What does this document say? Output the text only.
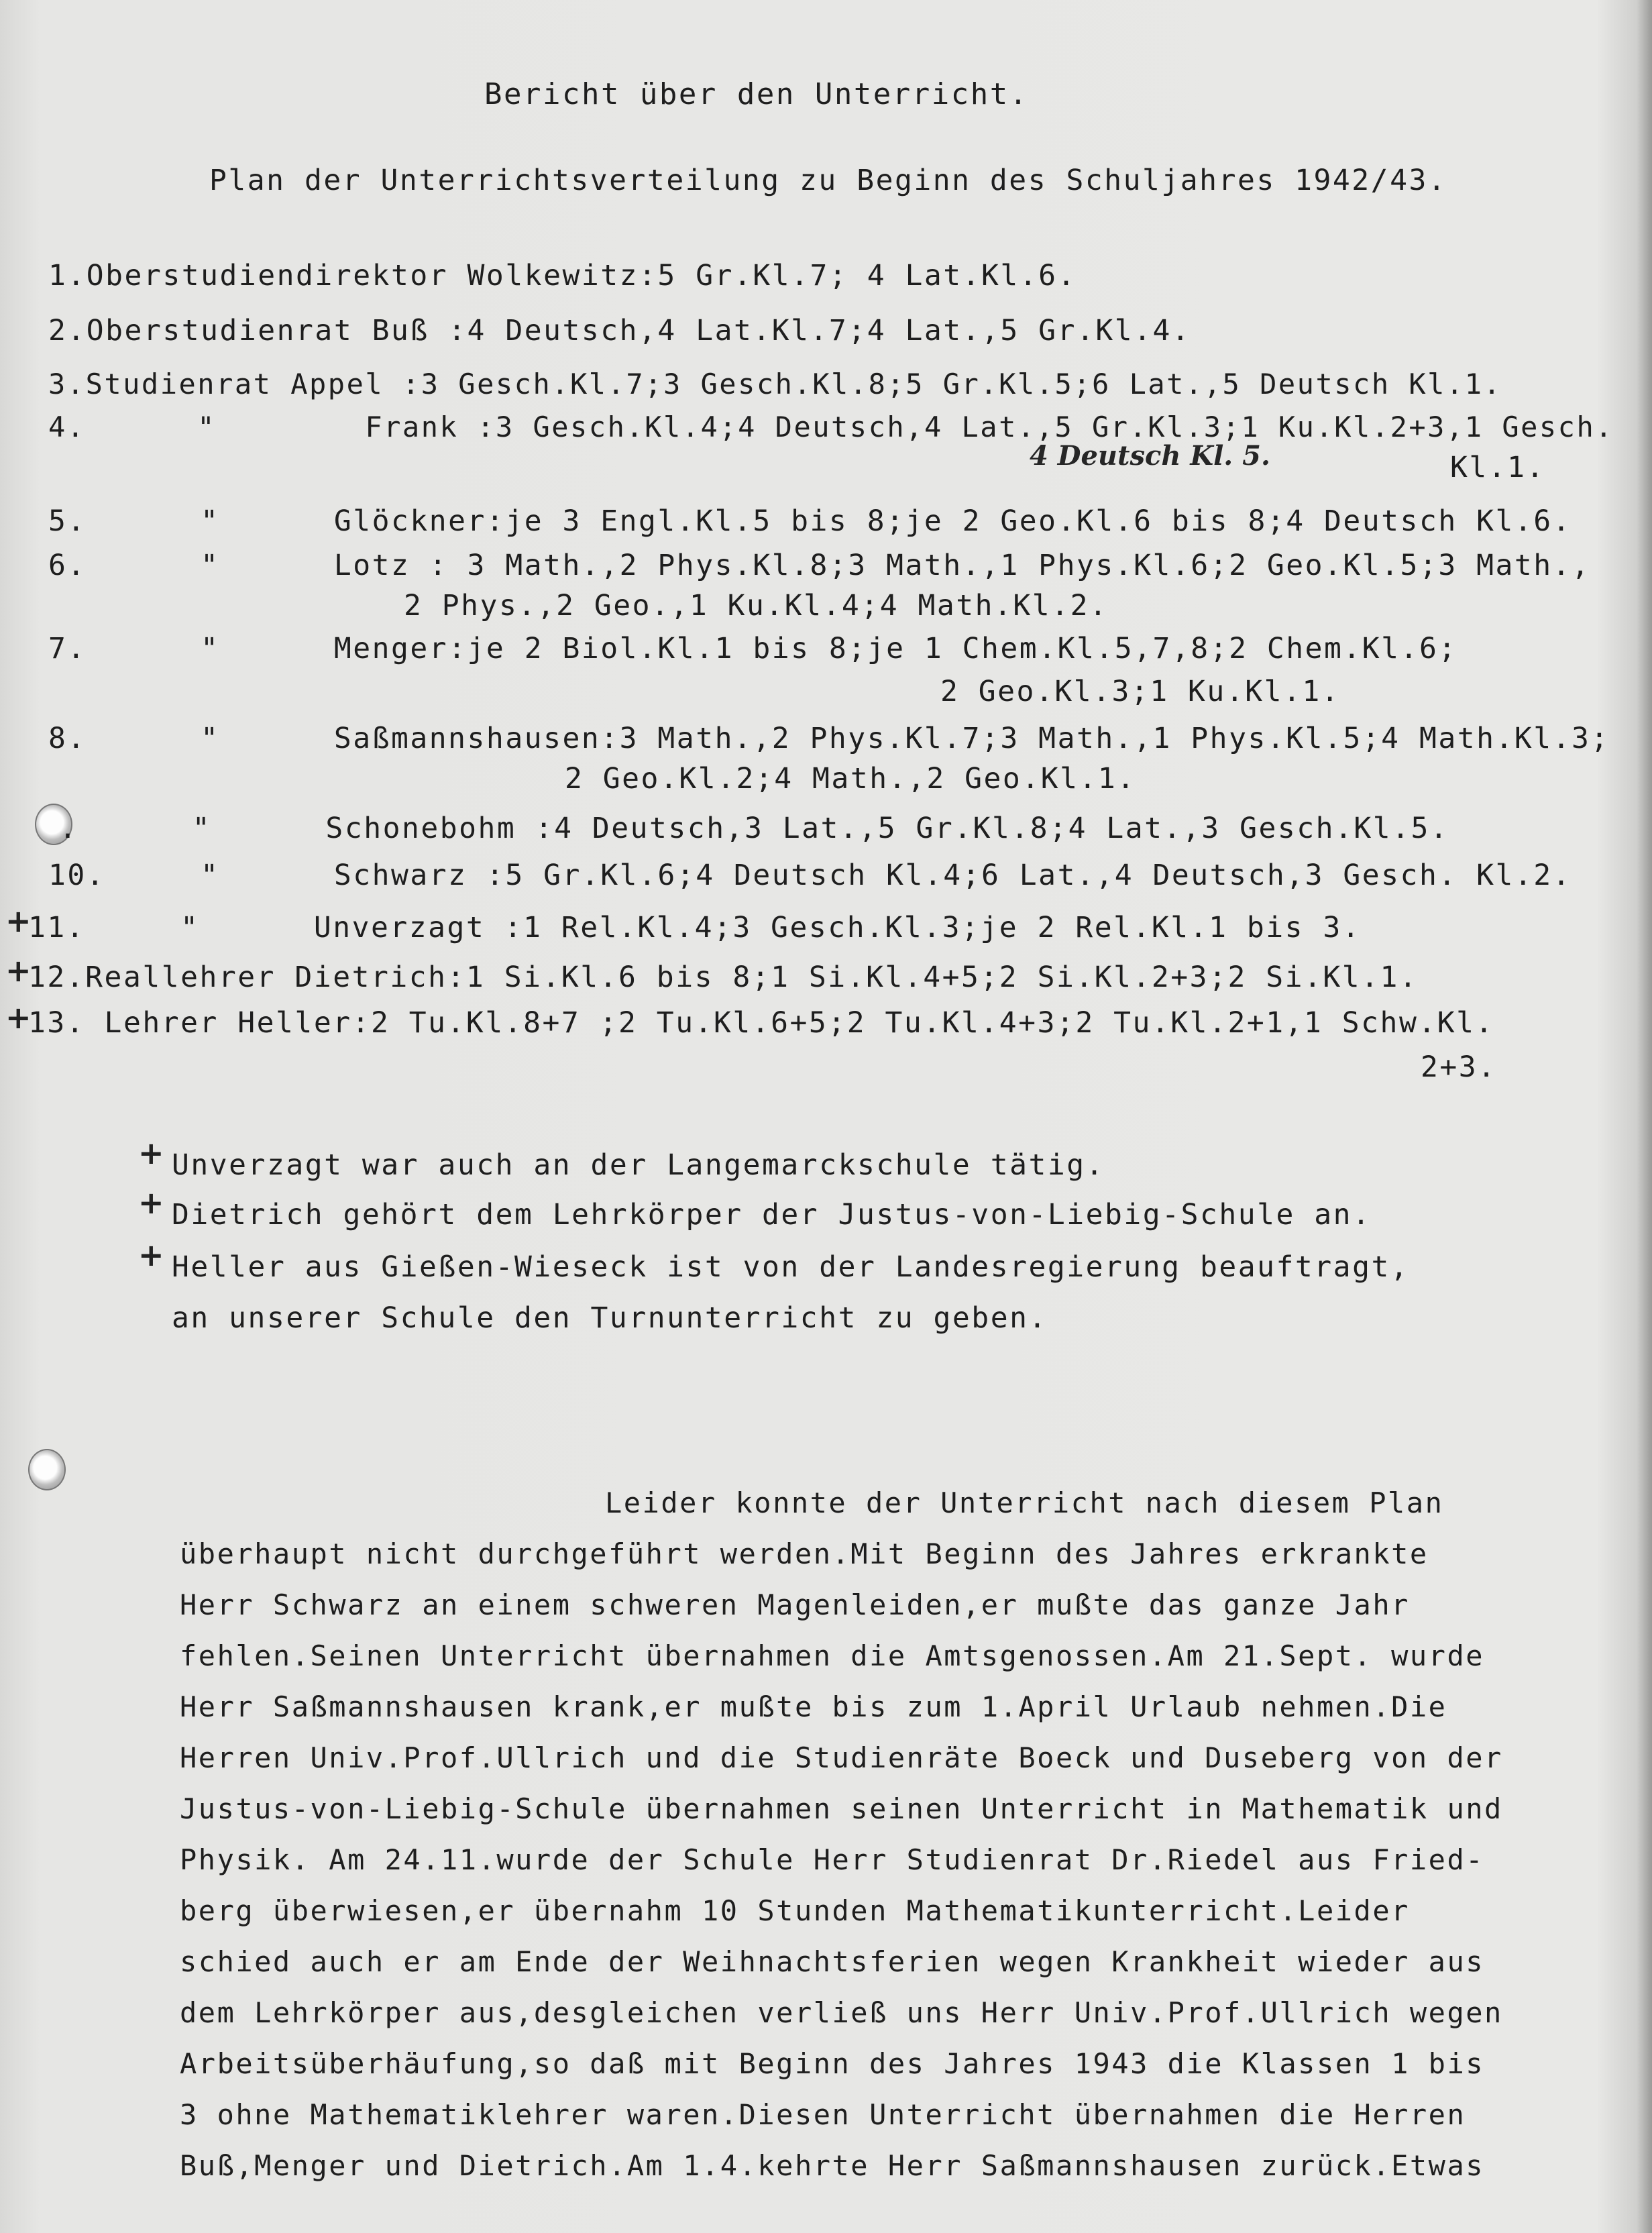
Bericht über den Unterricht.
Plan der Unterrichtsverteilung zu Beginn des Schuljahres 1942/43.
1.Oberstudiendirektor Wolkewitz:5 Gr.Kl.7; 4 Lat.Kl.6.
2.Oberstudienrat Buß :4 Deutsch,4 Lat.Kl.7;4 Lat.,5 Gr.Kl.4.
3.Studienrat Appel :3 Gesch.Kl.7;3 Gesch.Kl.8;5 Gr.Kl.5;6 Lat.,5 Deutsch Kl.1.
4.      "        Frank :3 Gesch.Kl.4;4 Deutsch,4 Lat.,5 Gr.Kl.3;1 Ku.Kl.2+3,1 Gesch.
Kl.1.
4 Deutsch Kl. 5.
5.      "      Glöckner:je 3 Engl.Kl.5 bis 8;je 2 Geo.Kl.6 bis 8;4 Deutsch Kl.6.
6.      "      Lotz : 3 Math.,2 Phys.Kl.8;3 Math.,1 Phys.Kl.6;2 Geo.Kl.5;3 Math.,
2 Phys.,2 Geo.,1 Ku.Kl.4;4 Math.Kl.2.
7.      "      Menger:je 2 Biol.Kl.1 bis 8;je 1 Chem.Kl.5,7,8;2 Chem.Kl.6;
2 Geo.Kl.3;1 Ku.Kl.1.
8.      "      Saßmannshausen:3 Math.,2 Phys.Kl.7;3 Math.,1 Phys.Kl.5;4 Math.Kl.3;
2 Geo.Kl.2;4 Math.,2 Geo.Kl.1.
.      "      Schonebohm :4 Deutsch,3 Lat.,5 Gr.Kl.8;4 Lat.,3 Gesch.Kl.5.
10.     "      Schwarz :5 Gr.Kl.6;4 Deutsch Kl.4;6 Lat.,4 Deutsch,3 Gesch. Kl.2.
+
11.     "      Unverzagt :1 Rel.Kl.4;3 Gesch.Kl.3;je 2 Rel.Kl.1 bis 3.
+
12.Reallehrer Dietrich:1 Si.Kl.6 bis 8;1 Si.Kl.4+5;2 Si.Kl.2+3;2 Si.Kl.1.
+
13. Lehrer Heller:2 Tu.Kl.8+7 ;2 Tu.Kl.6+5;2 Tu.Kl.4+3;2 Tu.Kl.2+1,1 Schw.Kl.
2+3.
+ Unverzagt war auch an der Langemarckschule tätig.
+ Dietrich gehört dem Lehrkörper der Justus-von-Liebig-Schule an.
+ Heller aus Gießen-Wieseck ist von der Landesregierung beauftragt,
an unserer Schule den Turnunterricht zu geben.
Leider konnte der Unterricht nach diesem Plan
überhaupt nicht durchgeführt werden.Mit Beginn des Jahres erkrankte
Herr Schwarz an einem schweren Magenleiden,er mußte das ganze Jahr
fehlen.Seinen Unterricht übernahmen die Amtsgenossen.Am 21.Sept. wurde
Herr Saßmannshausen krank,er mußte bis zum 1.April Urlaub nehmen.Die
Herren Univ.Prof.Ullrich und die Studienräte Boeck und Duseberg von der
Justus-von-Liebig-Schule übernahmen seinen Unterricht in Mathematik und
Physik. Am 24.11.wurde der Schule Herr Studienrat Dr.Riedel aus Fried-
berg überwiesen,er übernahm 10 Stunden Mathematikunterricht.Leider
schied auch er am Ende der Weihnachtsferien wegen Krankheit wieder aus
dem Lehrkörper aus,desgleichen verließ uns Herr Univ.Prof.Ullrich wegen
Arbeitsüberhäufung,so daß mit Beginn des Jahres 1943 die Klassen 1 bis
3 ohne Mathematiklehrer waren.Diesen Unterricht übernahmen die Herren
Buß,Menger und Dietrich.Am 1.4.kehrte Herr Saßmannshausen zurück.Etwas
